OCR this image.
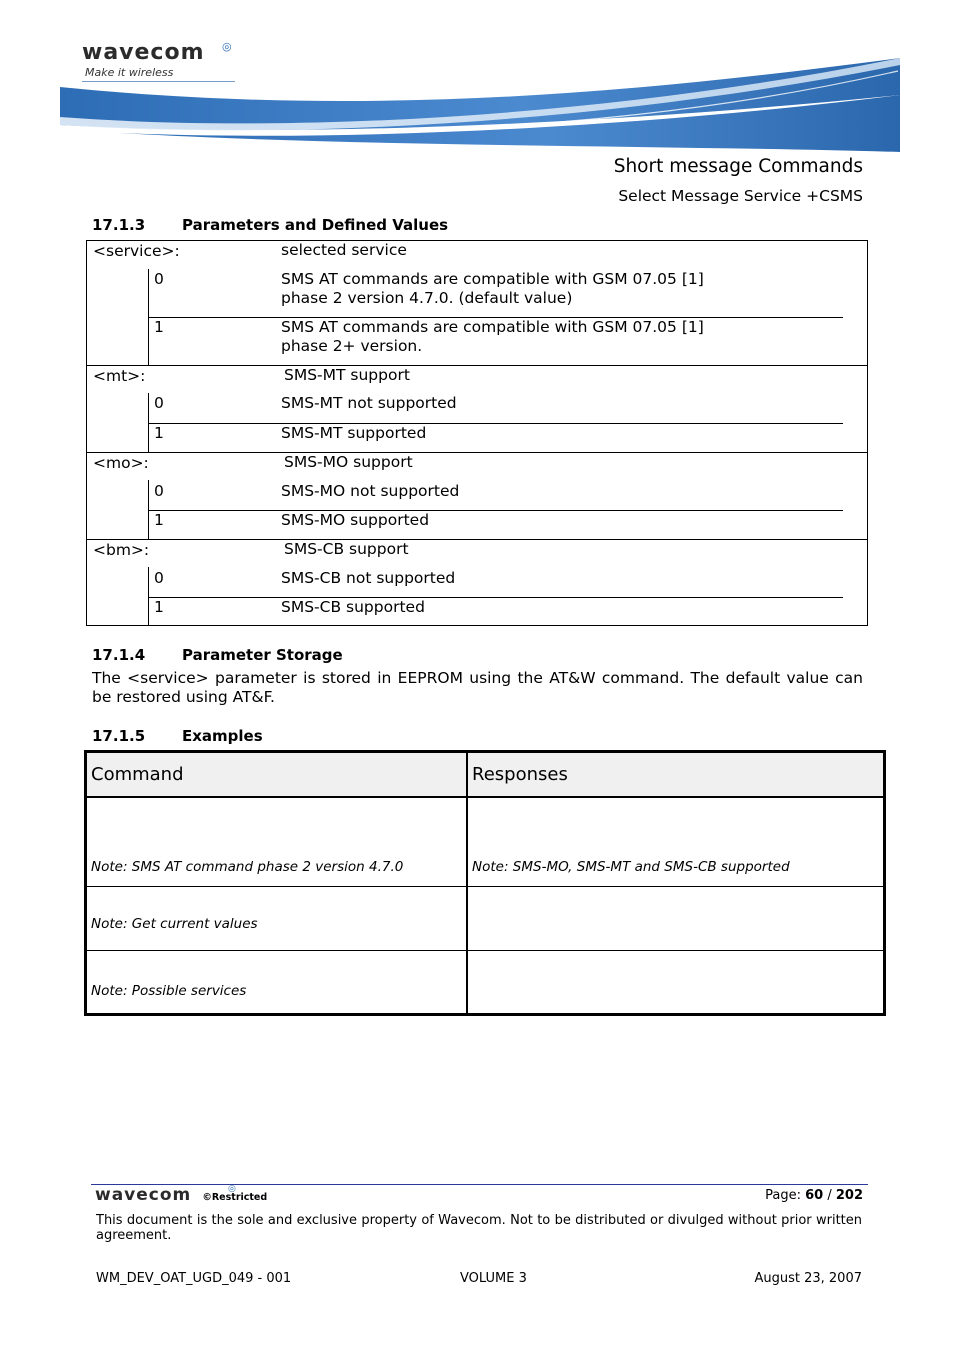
wavecom ◎
Make it wireless
Short message Commands
Select Message Service +CSMS
17.1.3 Parameters and Defined Values
<service>:	selected service
0	SMS AT commands are compatible with GSM 07.05 [1]
phase 2 version 4.7.0. (default value)
1	SMS AT commands are compatible with GSM 07.05 [1]
phase 2+ version.
<mt>:	SMS-MT support
0	SMS-MT not supported
1	SMS-MT supported
<mo>:	SMS-MO support
0	SMS-MO not supported
1	SMS-MO supported
<bm>:	SMS-CB support
0	SMS-CB not supported
1	SMS-CB supported
17.1.4 Parameter Storage
The <service> parameter is stored in EEPROM using the AT&W command. The default value can be restored using AT&F.
17.1.5 Examples
Command	Responses
Note: SMS AT command phase 2 version 4.7.0	Note: SMS-MO, SMS-MT and SMS-CB supported
Note: Get current values
Note: Possible services
wavecom	◎
©Restricted	Page: 60 / 202
This document is the sole and exclusive property of Wavecom. Not to be distributed or divulged without prior written agreement.
WM_DEV_OAT_UGD_049 - 001	VOLUME 3	August 23, 2007
